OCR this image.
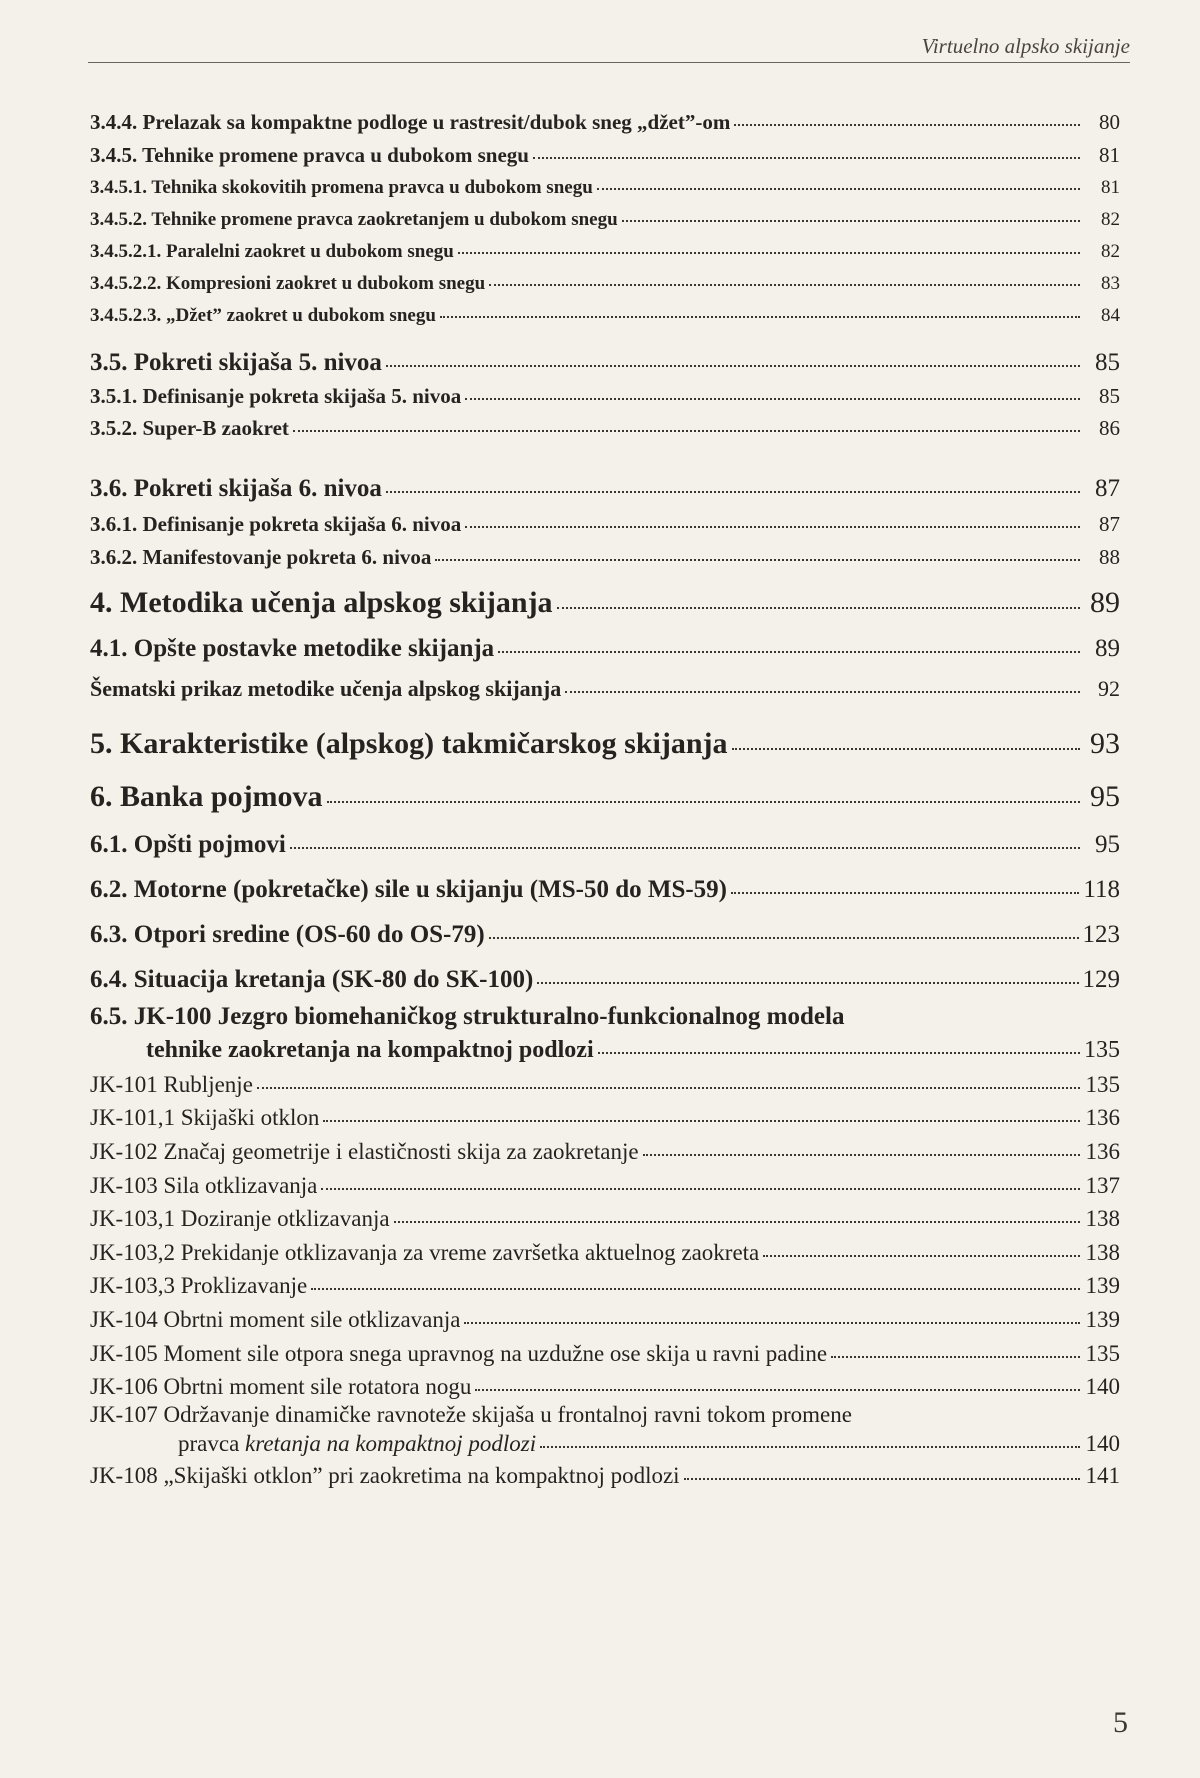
Virtuelno alpsko skijanje
3.4.4. Prelazak sa kompaktne podloge u rastresit/dubok sneg „džet”-om	80
3.4.5. Tehnike promene pravca u dubokom snegu	81
3.4.5.1. Tehnika skokovitih promena pravca u dubokom snegu	81
3.4.5.2. Tehnike promene pravca zaokretanjem u dubokom snegu	82
3.4.5.2.1. Paralelni zaokret u dubokom snegu	82
3.4.5.2.2. Kompresioni zaokret u dubokom snegu	83
3.4.5.2.3. „Džet” zaokret u dubokom snegu	84
3.5. Pokreti skijaša 5. nivoa	85
3.5.1. Definisanje pokreta skijaša 5. nivoa	85
3.5.2. Super-B zaokret	86
3.6. Pokreti skijaša 6. nivoa	87
3.6.1. Definisanje pokreta skijaša 6. nivoa	87
3.6.2. Manifestovanje pokreta 6. nivoa	88
4. Metodika učenja alpskog skijanja	89
4.1. Opšte postavke metodike skijanja	89
Šematski prikaz metodike učenja alpskog skijanja	92
5. Karakteristike (alpskog) takmičarskog skijanja	93
6. Banka pojmova	95
6.1. Opšti pojmovi	95
6.2. Motorne (pokretačke) sile u skijanju (MS-50 do MS-59)	118
6.3. Otpori sredine (OS-60 do OS-79)	123
6.4. Situacija kretanja (SK-80 do SK-100)	129
6.5. JK-100 Jezgro biomehaničkog strukturalno-funkcionalnog modela
tehnike zaokretanja na kompaktnoj podlozi	135
JK-101 Rubljenje	135
JK-101,1 Skijaški otklon	136
JK-102 Značaj geometrije i elastičnosti skija za zaokretanje	136
JK-103 Sila otklizavanja	137
JK-103,1 Doziranje otklizavanja	138
JK-103,2 Prekidanje otklizavanja za vreme završetka aktuelnog zaokreta	138
JK-103,3 Proklizavanje	139
JK-104 Obrtni moment sile otklizavanja	139
JK-105 Moment sile otpora snega upravnog na uzdužne ose skija u ravni padine	135
JK-106 Obrtni moment sile rotatora nogu	140
JK-107 Održavanje dinamičke ravnoteže skijaša u frontalnoj ravni tokom promene
pravca kretanja na kompaktnoj podlozi	140
JK-108 „Skijaški otklon” pri zaokretima na kompaktnoj podlozi	141
5
